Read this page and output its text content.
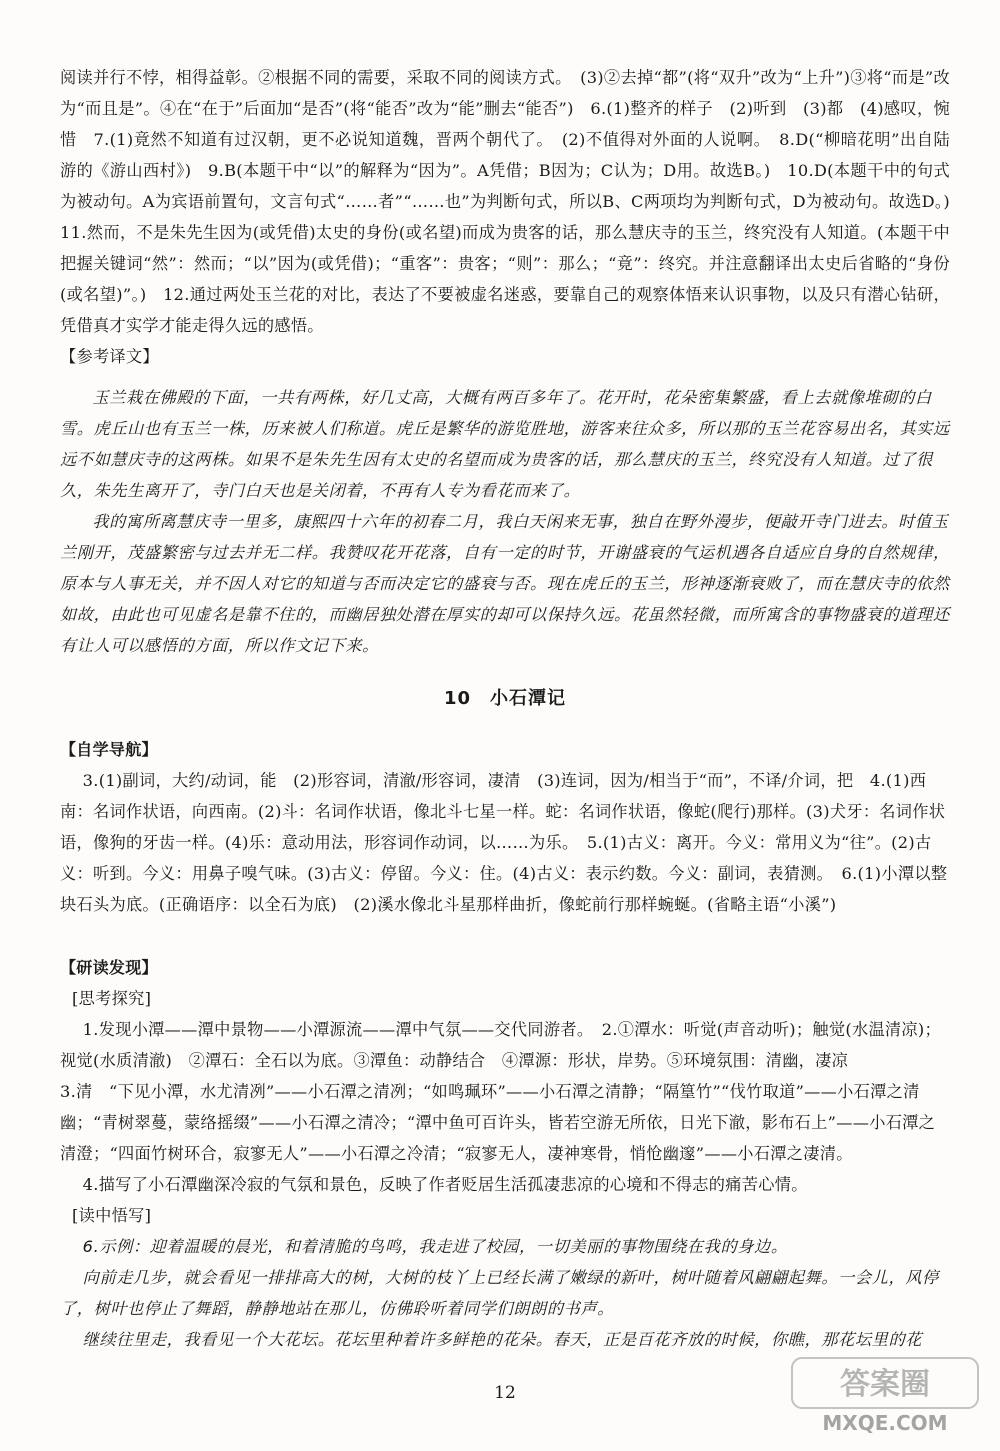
阅读并行不悖，相得益彰。②根据不同的需要，采取不同的阅读方式。　(3)②去掉“都”(将“双升”改为“上升”)③将“而是”改为“而且是”。④在“在于”后面加“是否”(将“能否”改为“能”删去“能否”)　6.(1)整齐的样子　(2)听到　(3)都　(4)感叹，惋惜　7.(1)竟然不知道有过汉朝，更不必说知道魏，晋两个朝代了。　(2)不值得对外面的人说啊。　8.D(“柳暗花明”出自陆游的《游山西村》)　9.B(本题干中“以”的解释为“因为”。A凭借；B因为；C认为；D用。故选B。)　10.D(本题干中的句式为被动句。A为宾语前置句，文言句式“……者”“……也”为判断句式，所以B、C两项均为判断句式，D为被动句。故选D。)　11.然而，不是朱先生因为(或凭借)太史的身份(或名望)而成为贵客的话，那么慧庆寺的玉兰，终究没有人知道。(本题干中把握关键词“然”：然而；“以”因为(或凭借)；“重客”：贵客；“则”：那么；“竟”：终究。并注意翻译出太史后省略的“身份(或名望)”。)　12.通过两处玉兰花的对比，表达了不要被虚名迷惑，要靠自己的观察体悟来认识事物，以及只有潜心钻研，凭借真才实学才能走得久远的感悟。

【参考译文】

玉兰栽在佛殿的下面，一共有两株，好几丈高，大概有两百多年了。花开时，花朵密集繁盛，看上去就像堆砌的白雪。虎丘山也有玉兰一株，历来被人们称道。虎丘是繁华的游览胜地，游客来往众多，所以那的玉兰花容易出名，其实远远不如慧庆寺的这两株。如果不是朱先生因有太史的名望而成为贵客的话，那么慧庆的玉兰，终究没有人知道。过了很久，朱先生离开了，寺门白天也是关闭着，不再有人专为看花而来了。

我的寓所离慧庆寺一里多，康熙四十六年的初春二月，我白天闲来无事，独自在野外漫步，便敲开寺门进去。时值玉兰刚开，茂盛繁密与过去并无二样。我赞叹花开花落，自有一定的时节，开谢盛衰的气运机遇各自适应自身的自然规律，原本与人事无关，并不因人对它的知道与否而决定它的盛衰与否。现在虎丘的玉兰，形神逐渐衰败了，而在慧庆寺的依然如故，由此也可见虚名是靠不住的，而幽居独处潜在厚实的却可以保持久远。花虽然轻微，而所寓含的事物盛衰的道理还有让人可以感悟的方面，所以作文记下来。

10　小石潭记

【自学导航】

3.(1)副词，大约/动词，能　(2)形容词，清澈/形容词，凄清　(3)连词，因为/相当于“而”，不译/介词，把　4.(1)西南：名词作状语，向西南。(2)斗：名词作状语，像北斗七星一样。蛇：名词作状语，像蛇(爬行)那样。(3)犬牙：名词作状语，像狗的牙齿一样。(4)乐：意动用法，形容词作动词，以……为乐。　5.(1)古义：离开。今义：常用义为“往”。(2)古义：听到。今义：用鼻子嗅气味。(3)古义：停留。今义：住。(4)古义：表示约数。今义：副词，表猜测。　6.(1)小潭以整块石头为底。(正确语序：以全石为底)　(2)溪水像北斗星那样曲折，像蛇前行那样蜿蜒。(省略主语“小溪”)

【研读发现】

[思考探究]

1.发现小潭——潭中景物——小潭源流——潭中气氛——交代同游者。　2.①潭水：听觉(声音动听)；触觉(水温清凉)；视觉(水质清澈)　②潭石：全石以为底。③潭鱼：动静结合　④潭源：形状，岸势。⑤环境氛围：清幽，凄凉

3.清　“下见小潭，水尤清冽”——小石潭之清冽；“如鸣珮环”——小石潭之清静；“隔篁竹”“伐竹取道”——小石潭之清幽；“青树翠蔓，蒙络摇缀”——小石潭之清冷；“潭中鱼可百许头，皆若空游无所依，日光下澈，影布石上”——小石潭之清澄；“四面竹树环合，寂寥无人”——小石潭之冷清；“寂寥无人，凄神寒骨，悄怆幽邃”——小石潭之凄清。

4.描写了小石潭幽深冷寂的气氛和景色，反映了作者贬居生活孤凄悲凉的心境和不得志的痛苦心情。

[读中悟写]

6.示例：迎着温暖的晨光，和着清脆的鸟鸣，我走进了校园，一切美丽的事物围绕在我的身边。

向前走几步，就会看见一排排高大的树，大树的枝丫上已经长满了嫩绿的新叶，树叶随着风翩翩起舞。一会儿，风停了，树叶也停止了舞蹈，静静地站在那儿，仿佛聆听着同学们朗朗的书声。

继续往里走，我看见一个大花坛。花坛里种着许多鲜艳的花朵。春天，正是百花齐放的时候，你瞧，那花坛里的花

12	答案圈
MXQE.COM
